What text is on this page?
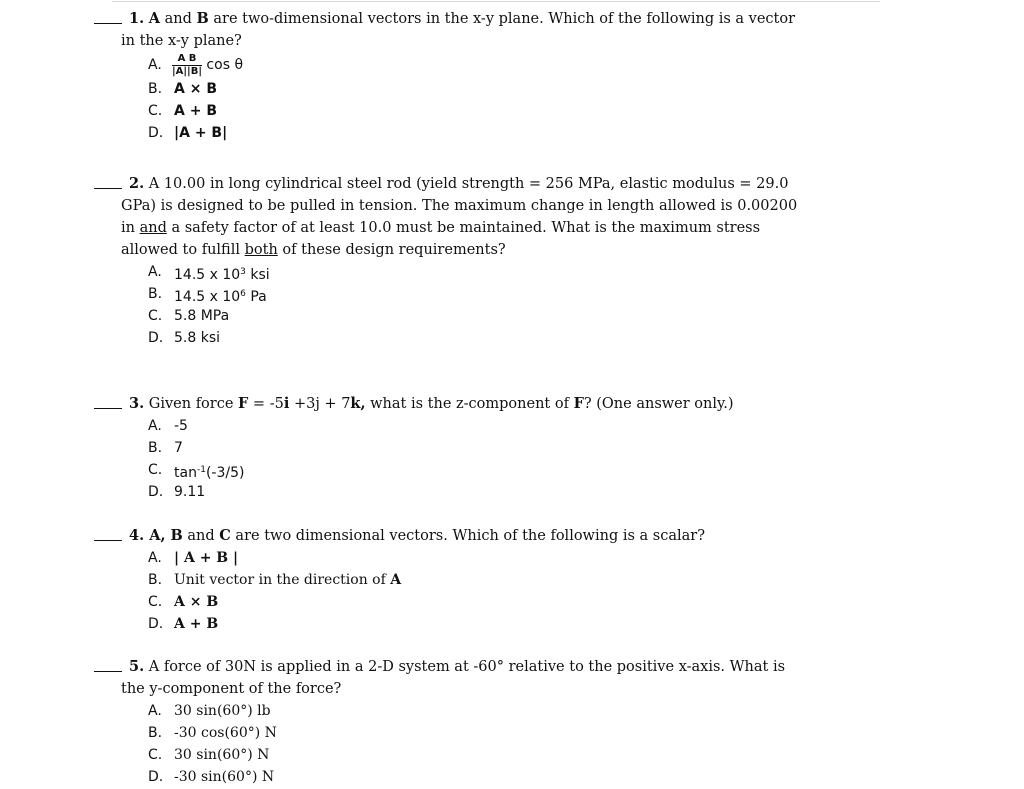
1. A and B are two-dimensional vectors in the x-y plane. Which of the following is a vector in the x-y plane?
A. $\frac{\text{A B}}{|A||B|}$ cos θ
B. A × B
C. A + B
D. |A + B|
2. A 10.00 in long cylindrical steel rod (yield strength = 256 MPa, elastic modulus = 29.0 GPa) is designed to be pulled in tension. The maximum change in length allowed is 0.00200 in and a safety factor of at least 10.0 must be maintained. What is the maximum stress allowed to fulfill both of these design requirements?
A. 14.5 x $10^3$ ksi
B. 14.5 x $10^6$ Pa
C. 5.8 MPa
D. 5.8 ksi
3. Given force F = -5i +3j + 7k, what is the z-component of F? (One answer only.)
A. -5
B. 7
C. $\tan^{-1}(-3/5)$
D. 9.11
4. A, B and C are two dimensional vectors. Which of the following is a scalar?
A. | A + B |
B. Unit vector in the direction of A
C. A × B
D. A + B
5. A force of 30N is applied in a 2-D system at -60° relative to the positive x-axis. What is the y-component of the force?
A. 30 sin(60°) lb
B. -30 cos(60°) N
C. 30 sin(60°) N
D. -30 sin(60°) N
